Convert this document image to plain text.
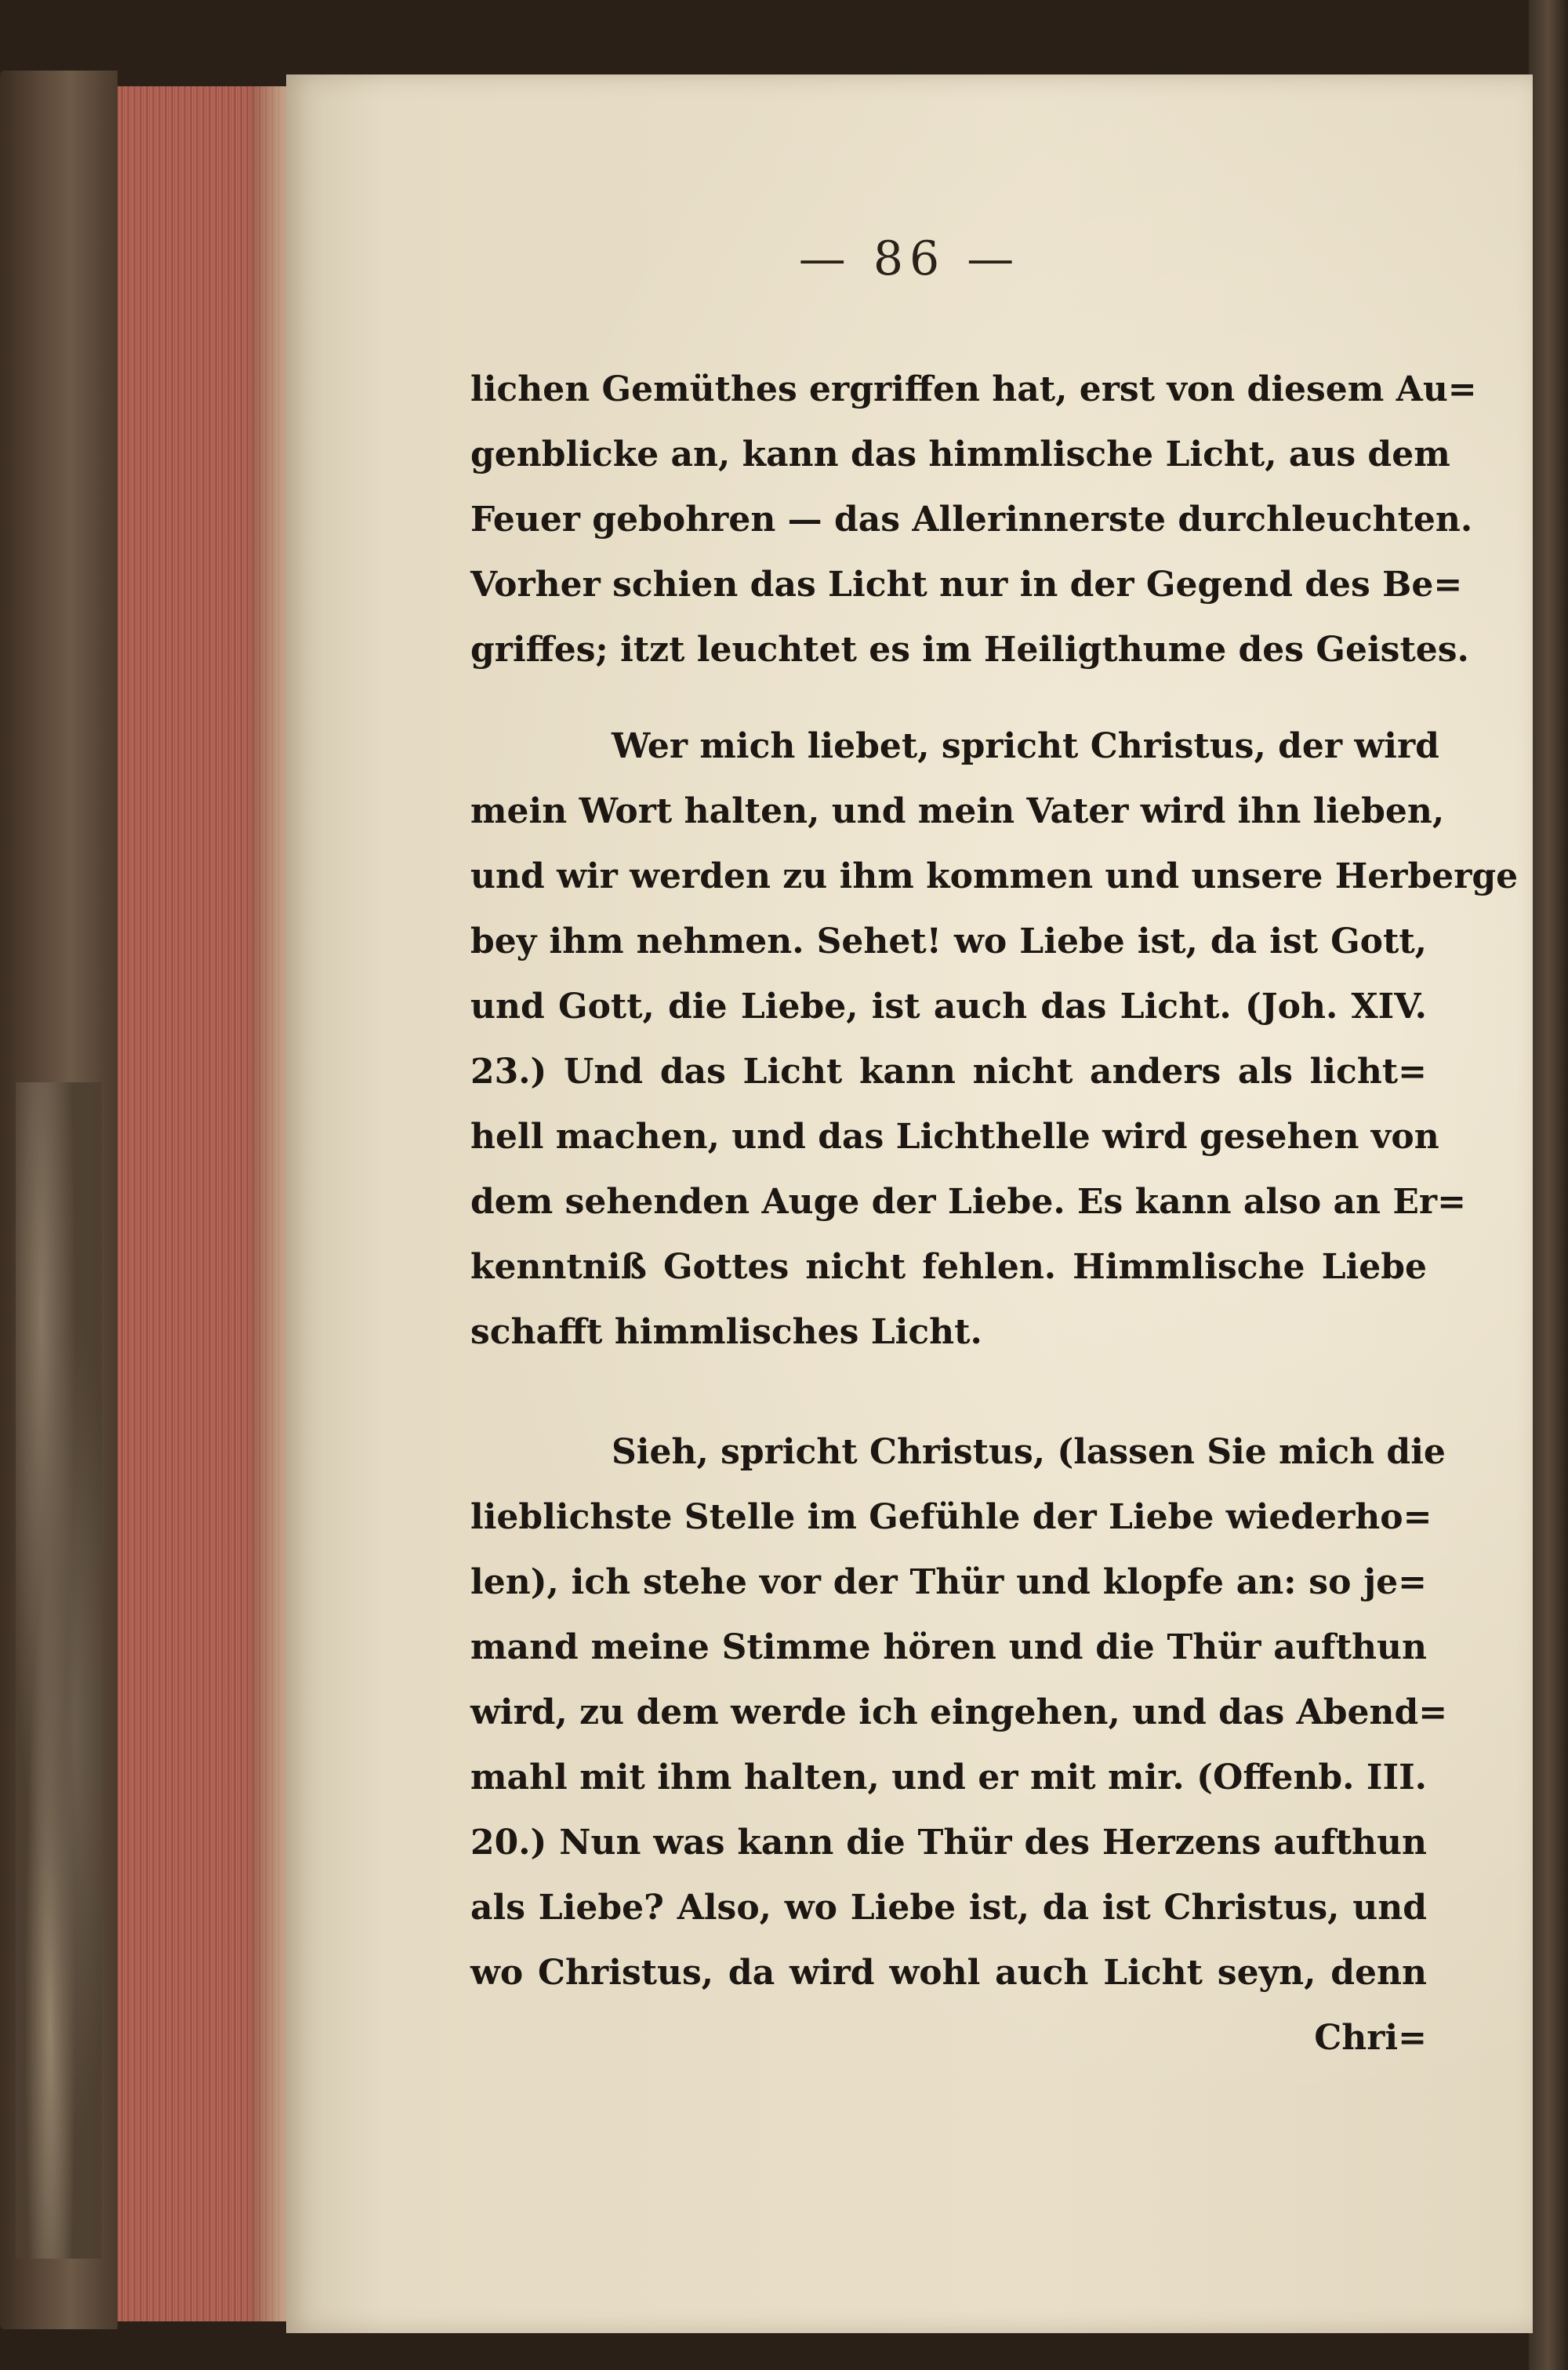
— 86 —
lichen Gemüthes ergriffen hat, erst von diesem Au=
genblicke an, kann das himmlische Licht, aus dem
Feuer gebohren — das Allerinnerste durchleuchten.
Vorher schien das Licht nur in der Gegend des Be=
griffes; itzt leuchtet es im Heiligthume des Geistes.
Wer mich liebet, spricht Christus, der wird
mein Wort halten, und mein Vater wird ihn lieben,
und wir werden zu ihm kommen und unsere Herberge
bey ihm nehmen. Sehet! wo Liebe ist, da ist Gott,
und Gott, die Liebe, ist auch das Licht. (Joh. XIV.
23.) Und das Licht kann nicht anders als licht=
hell machen, und das Lichthelle wird gesehen von
dem sehenden Auge der Liebe. Es kann also an Er=
kenntniß Gottes nicht fehlen. Himmlische Liebe
schafft himmlisches Licht.
Sieh, spricht Christus, (lassen Sie mich die
lieblichste Stelle im Gefühle der Liebe wiederho=
len), ich stehe vor der Thür und klopfe an: so je=
mand meine Stimme hören und die Thür aufthun
wird, zu dem werde ich eingehen, und das Abend=
mahl mit ihm halten, und er mit mir. (Offenb. III.
20.) Nun was kann die Thür des Herzens aufthun
als Liebe? Also, wo Liebe ist, da ist Christus, und
wo Christus, da wird wohl auch Licht seyn, denn
Chri=
